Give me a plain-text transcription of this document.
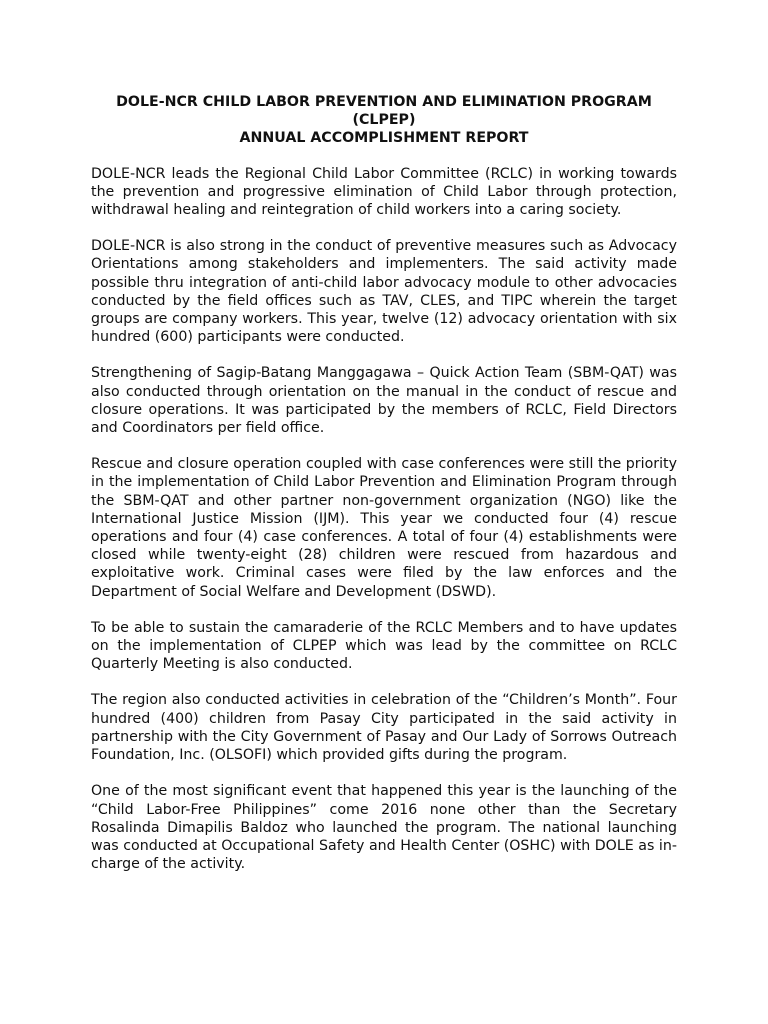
DOLE-NCR CHILD LABOR PREVENTION AND ELIMINATION PROGRAM
(CLPEP)
ANNUAL ACCOMPLISHMENT REPORT

DOLE-NCR leads the Regional Child Labor Committee (RCLC) in working towards the prevention and progressive elimination of Child Labor through protection, withdrawal healing and reintegration of child workers into a caring society.

DOLE-NCR is also strong in the conduct of preventive measures such as Advocacy Orientations among stakeholders and implementers. The said activity made possible thru integration of anti-child labor advocacy module to other advocacies conducted by the field offices such as TAV, CLES, and TIPC wherein the target groups are company workers. This year, twelve (12) advocacy orientation with six hundred (600) participants were conducted.

Strengthening of Sagip-Batang Manggagawa – Quick Action Team (SBM-QAT) was also conducted through orientation on the manual in the conduct of rescue and closure operations. It was participated by the members of RCLC, Field Directors and Coordinators per field office.

Rescue and closure operation coupled with case conferences were still the priority in the implementation of Child Labor Prevention and Elimination Program through the SBM-QAT and other partner non-government organization (NGO) like the International Justice Mission (IJM). This year we conducted four (4) rescue operations and four (4) case conferences. A total of four (4) establishments were closed while twenty-eight (28) children were rescued from hazardous and exploitative work. Criminal cases were filed by the law enforces and the Department of Social Welfare and Development (DSWD).

To be able to sustain the camaraderie of the RCLC Members and to have updates on the implementation of CLPEP which was lead by the committee on RCLC Quarterly Meeting is also conducted.

The region also conducted activities in celebration of the “Children’s Month”. Four hundred (400) children from Pasay City participated in the said activity in partnership with the City Government of Pasay and Our Lady of Sorrows Outreach Foundation, Inc. (OLSOFI) which provided gifts during the program.

One of the most significant event that happened this year is the launching of the “Child Labor-Free Philippines” come 2016 none other than the Secretary Rosalinda Dimapilis Baldoz who launched the program. The national launching was conducted at Occupational Safety and Health Center (OSHC) with DOLE as in-charge of the activity.
